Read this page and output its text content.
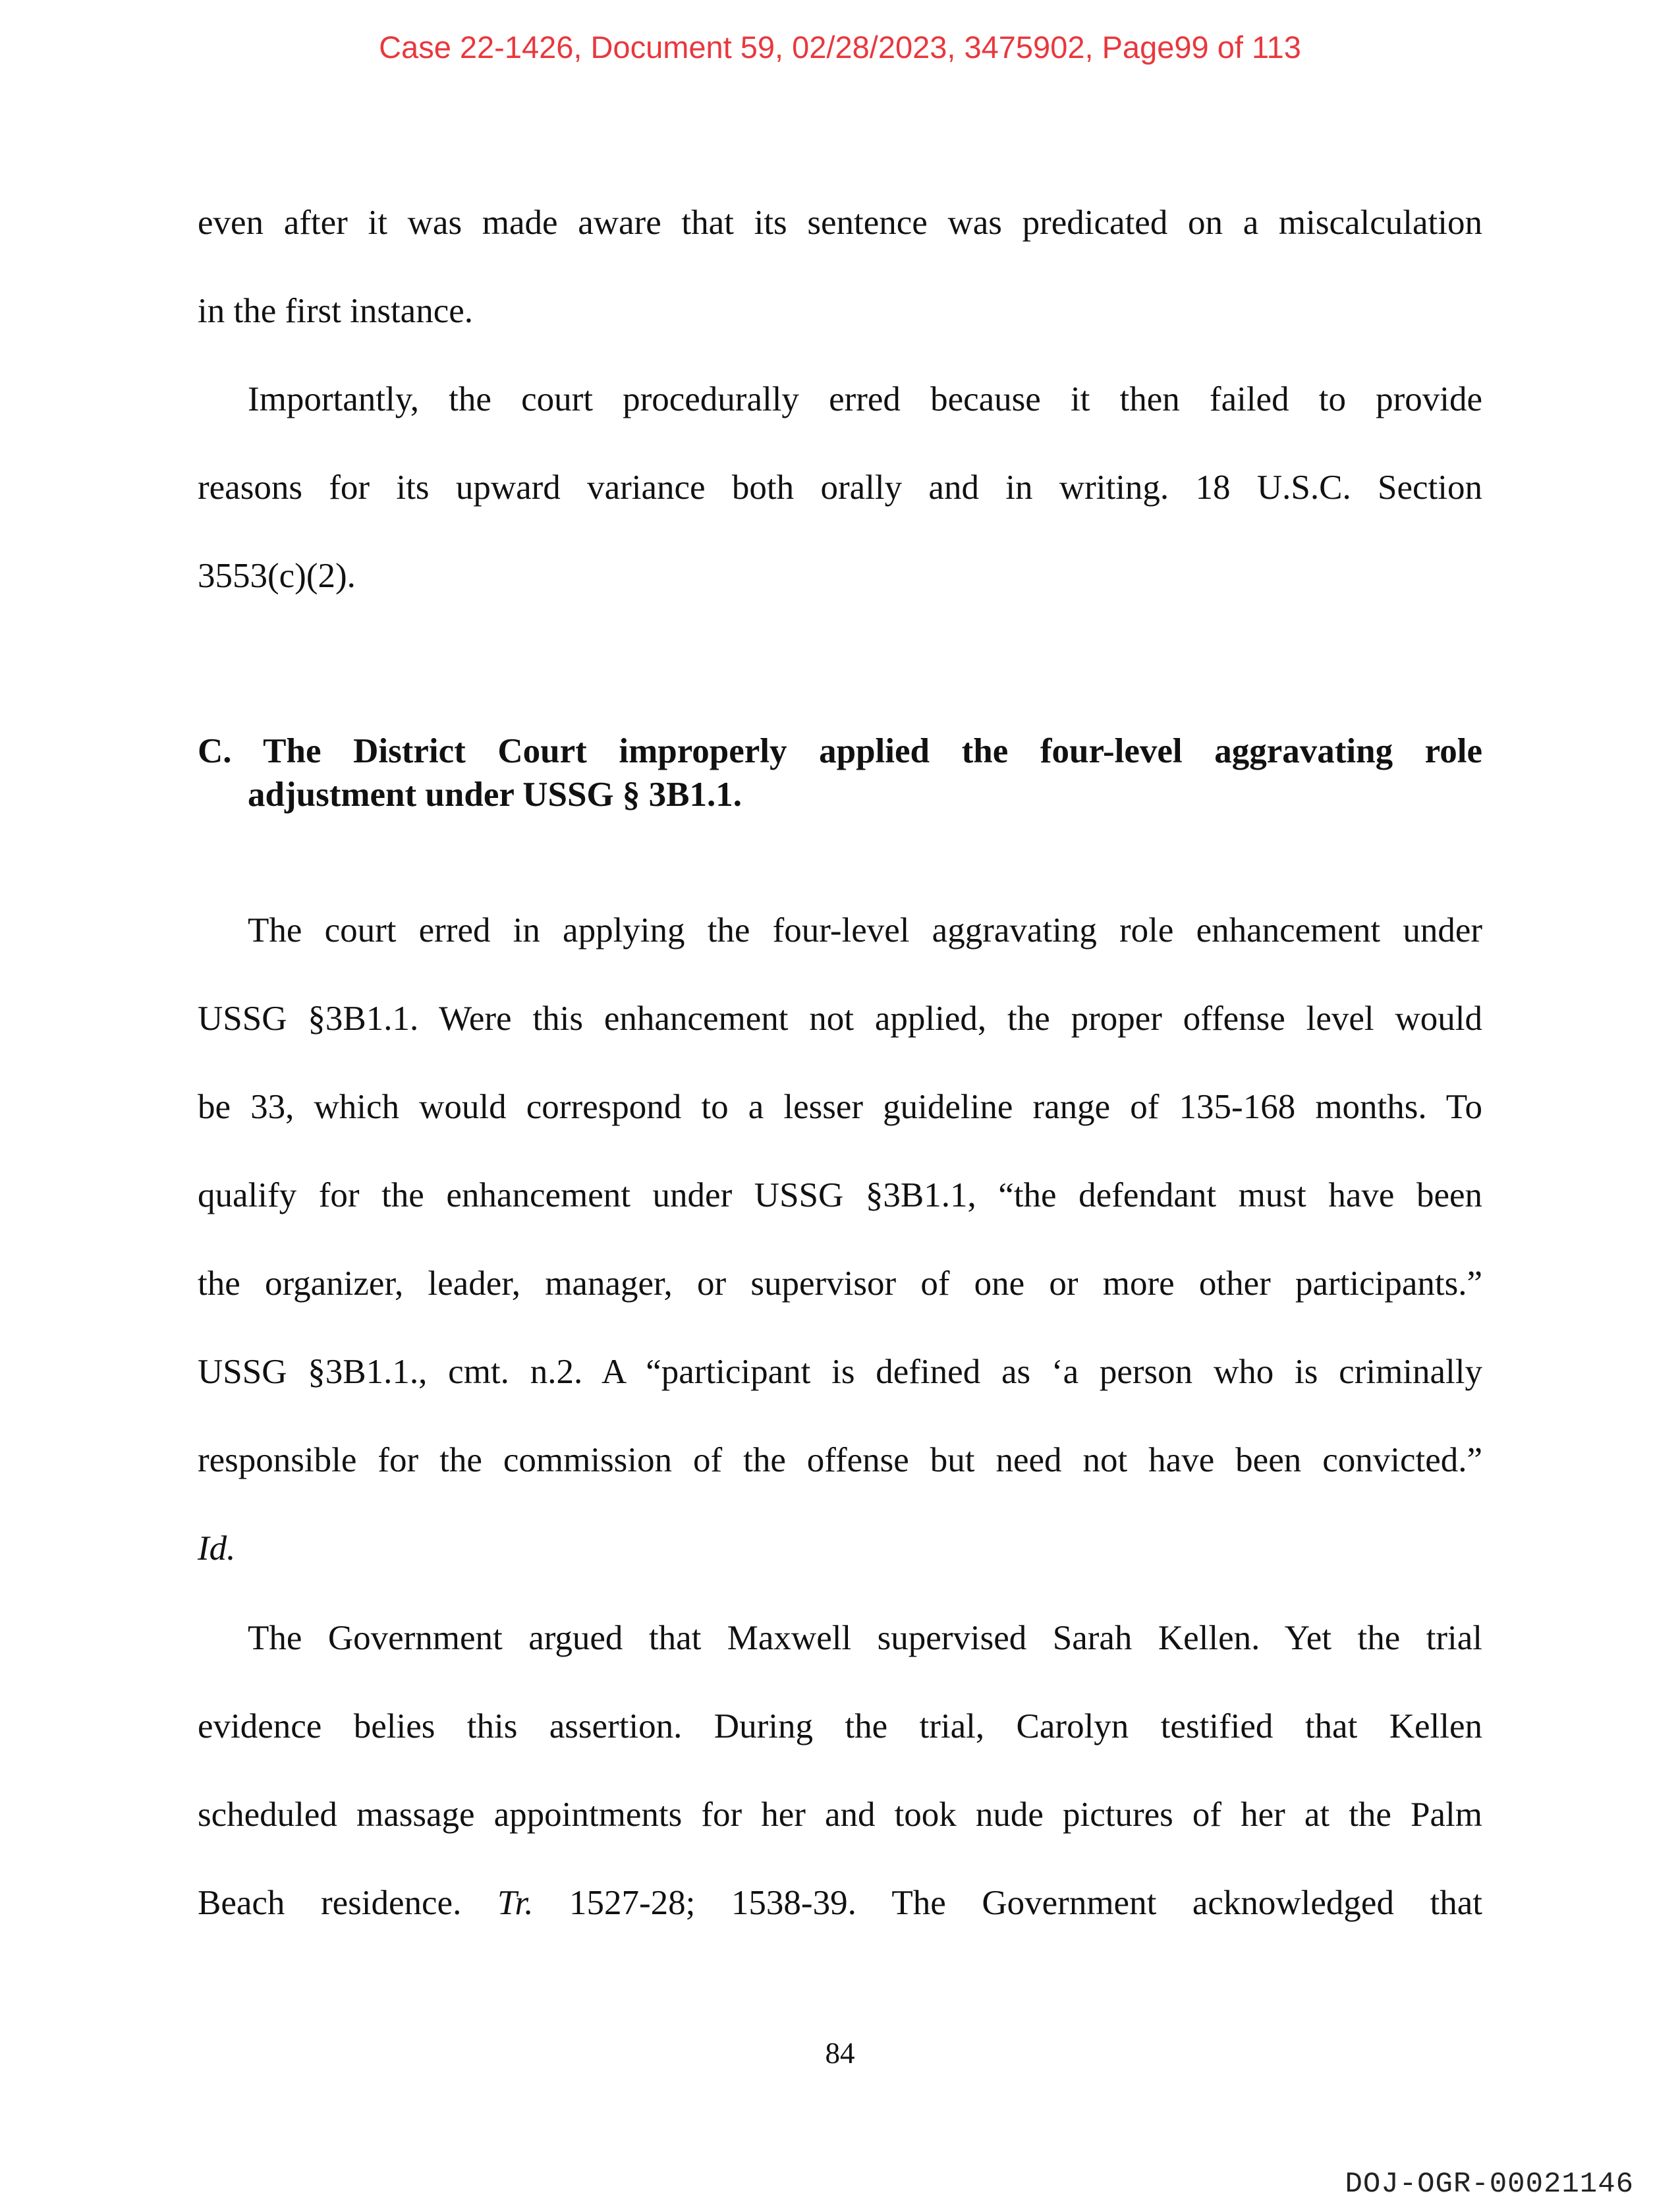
Case 22-1426, Document 59, 02/28/2023, 3475902, Page99 of 113
even after it was made aware that its sentence was predicated on a miscalculation
in the first instance.
Importantly, the court procedurally erred because it then failed to provide
reasons for its upward variance both orally and in writing. 18 U.S.C. Section
3553(c)(2).
C. The District Court improperly applied the four-level aggravating role
adjustment under USSG § 3B1.1.
The court erred in applying the four-level aggravating role enhancement under
USSG §3B1.1. Were this enhancement not applied, the proper offense level would
be 33, which would correspond to a lesser guideline range of 135-168 months. To
qualify for the enhancement under USSG §3B1.1, “the defendant must have been
the organizer, leader, manager, or supervisor of one or more other participants.”
USSG §3B1.1., cmt. n.2. A “participant is defined as ‘a person who is criminally
responsible for the commission of the offense but need not have been convicted.”
Id.
The Government argued that Maxwell supervised Sarah Kellen. Yet the trial
evidence belies this assertion. During the trial, Carolyn testified that Kellen
scheduled massage appointments for her and took nude pictures of her at the Palm
Beach residence. Tr. 1527-28; 1538-39. The Government acknowledged that
84
DOJ-OGR-00021146
